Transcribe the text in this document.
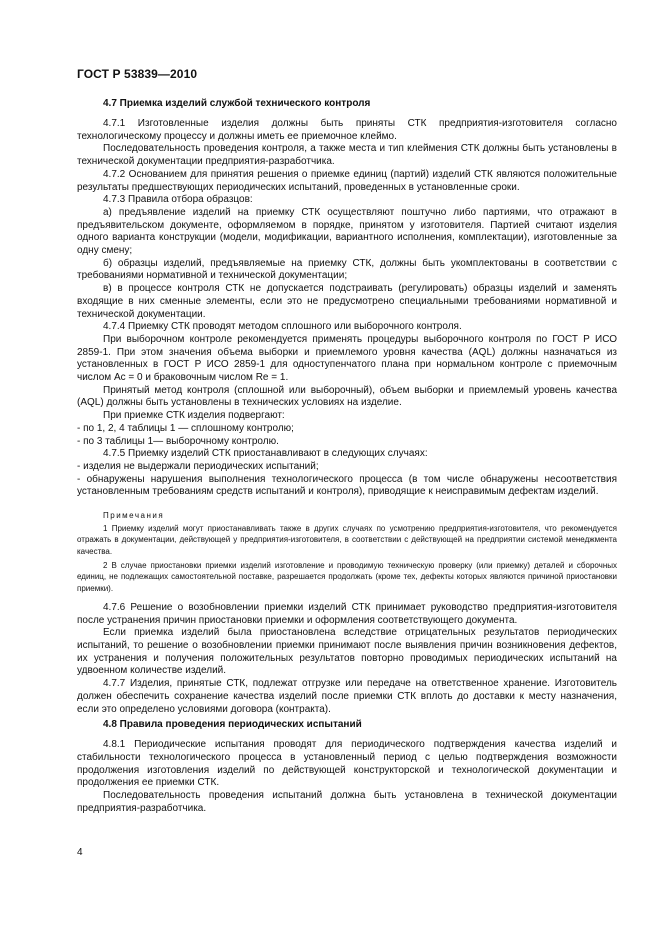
ГОСТ Р 53839—2010
4.7 Приемка изделий службой технического контроля

4.7.1 Изготовленные изделия должны быть приняты СТК предприятия-изготовителя согласно технологическому процессу и должны иметь ее приемочное клеймо.

Последовательность проведения контроля, а также места и тип клеймения СТК должны быть установлены в технической документации предприятия-разработчика.

4.7.2 Основанием для принятия решения о приемке единиц (партий) изделий СТК являются положительные результаты предшествующих периодических испытаний, проведенных в установленные сроки.

4.7.3 Правила отбора образцов:

а) предъявление изделий на приемку СТК осуществляют поштучно либо партиями, что отражают в предъявительском документе, оформляемом в порядке, принятом у изготовителя. Партией считают изделия одного варианта конструкции (модели, модификации, вариантного исполнения, комплектации), изготовленные за одну смену;

б) образцы изделий, предъявляемые на приемку СТК, должны быть укомплектованы в соответствии с требованиями нормативной и технической документации;

в) в процессе контроля СТК не допускается подстраивать (регулировать) образцы изделий и заменять входящие в них сменные элементы, если это не предусмотрено специальными требованиями нормативной и технической документации.

4.7.4 Приемку СТК проводят методом сплошного или выборочного контроля.

При выборочном контроле рекомендуется применять процедуры выборочного контроля по ГОСТ Р ИСО 2859-1. При этом значения объема выборки и приемлемого уровня качества (AQL) должны назначаться из установленных в ГОСТ Р ИСО 2859-1 для одноступенчатого плана при нормальном контроле с приемочным числом Ac = 0 и браковочным числом Re = 1.

Принятый метод контроля (сплошной или выборочный), объем выборки и приемлемый уровень качества (AQL) должны быть установлены в технических условиях на изделие.

При приемке СТК изделия подвергают:

- по 1, 2, 4 таблицы 1 — сплошному контролю;

- по 3 таблицы 1— выборочному контролю.

4.7.5 Приемку изделий СТК приостанавливают в следующих случаях:

- изделия не выдержали периодических испытаний;

- обнаружены нарушения выполнения технологического процесса (в том числе обнаружены несоответствия установленным требованиям средств испытаний и контроля), приводящие к неисправимым дефектам изделий.

Примечания

1 Приемку изделий могут приостанавливать также в других случаях по усмотрению предприятия-изготовителя, что рекомендуется отражать в документации, действующей у предприятия-изготовителя, в соответствии с действующей на предприятии системой менеджмента качества.

2 В случае приостановки приемки изделий изготовление и проводимую техническую проверку (или приемку) деталей и сборочных единиц, не подлежащих самостоятельной поставке, разрешается продолжать (кроме тех, дефекты которых являются причиной приостановки приемки).

4.7.6 Решение о возобновлении приемки изделий СТК принимает руководство предприятия-изготовителя после устранения причин приостановки приемки и оформления соответствующего документа.

Если приемка изделий была приостановлена вследствие отрицательных результатов периодических испытаний, то решение о возобновлении приемки принимают после выявления причин возникновения дефектов, их устранения и получения положительных результатов повторно проводимых периодических испытаний на удвоенном количестве изделий.

4.7.7 Изделия, принятые СТК, подлежат отгрузке или передаче на ответственное хранение. Изготовитель должен обеспечить сохранение качества изделий после приемки СТК вплоть до доставки к месту назначения, если это определено условиями договора (контракта).

4.8 Правила проведения периодических испытаний

4.8.1 Периодические испытания проводят для периодического подтверждения качества изделий и стабильности технологического процесса в установленный период с целью подтверждения возможности продолжения изготовления изделий по действующей конструкторской и технологической документации и продолжения ее приемки СТК.

Последовательность проведения испытаний должна быть установлена в технической документации предприятия-разработчика.

4
